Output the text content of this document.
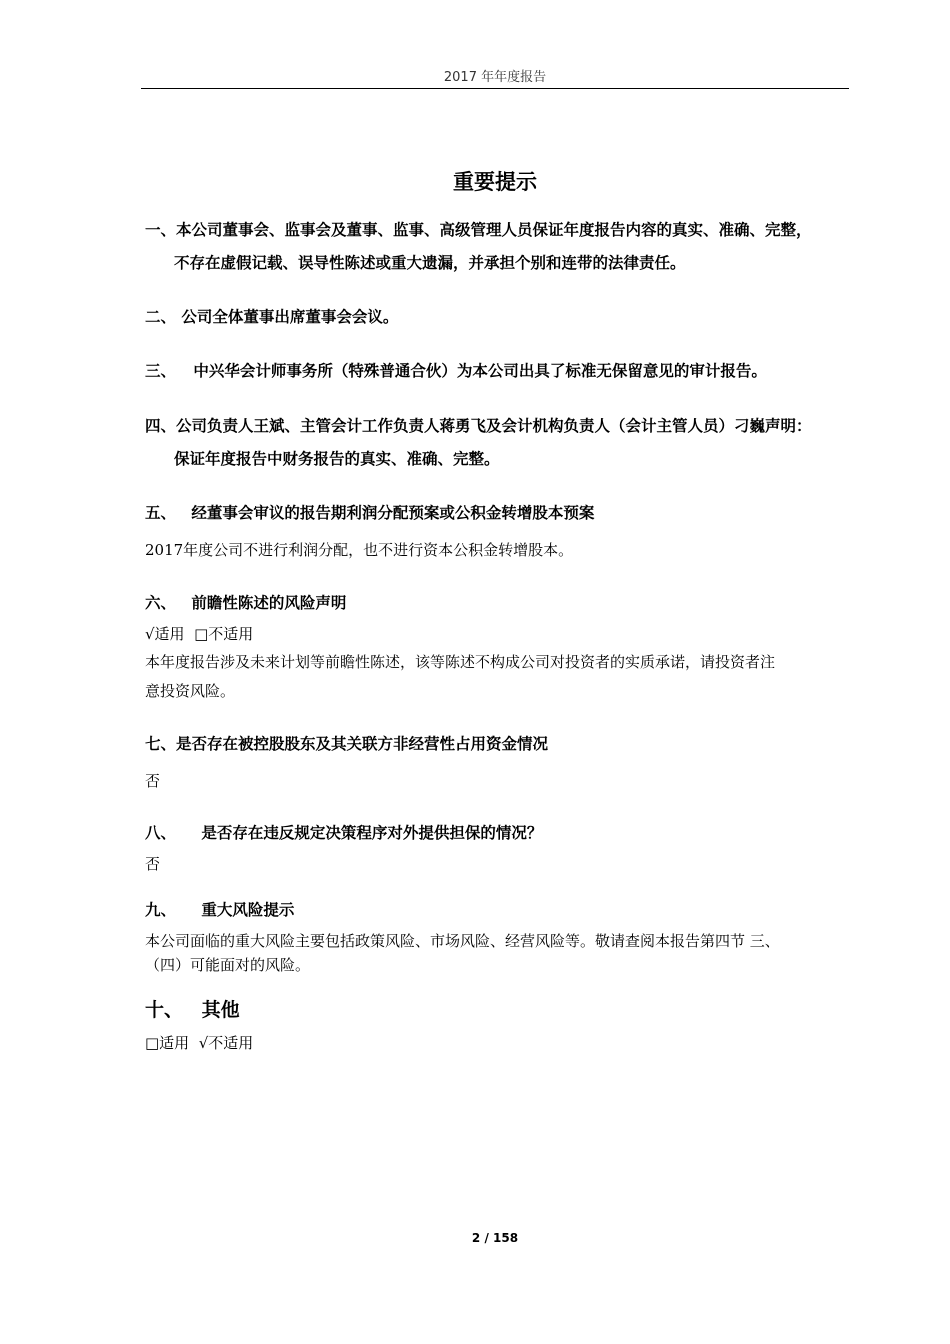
2017 年年度报告
重要提示
一、本公司董事会、监事会及董事、监事、高级管理人员保证年度报告内容的真实、准确、完整，
不存在虚假记载、误导性陈述或重大遗漏，并承担个别和连带的法律责任。
二、 公司全体董事出席董事会会议。
三、 中兴华会计师事务所（特殊普通合伙）为本公司出具了标准无保留意见的审计报告。
四、公司负责人王斌、主管会计工作负责人蒋勇飞及会计机构负责人（会计主管人员）刁巍声明：
保证年度报告中财务报告的真实、准确、完整。
五、 经董事会审议的报告期利润分配预案或公积金转增股本预案
2017年度公司不进行利润分配，也不进行资本公积金转增股本。
六、 前瞻性陈述的风险声明
√适用  □不适用
本年度报告涉及未来计划等前瞻性陈述，该等陈述不构成公司对投资者的实质承诺，请投资者注
意投资风险。
七、是否存在被控股股东及其关联方非经营性占用资金情况
否
八、 是否存在违反规定决策程序对外提供担保的情况？
否
九、 重大风险提示
本公司面临的重大风险主要包括政策风险、市场风险、经营风险等。敬请查阅本报告第四节 三、
（四）可能面对的风险。
十、 其他
□适用  √不适用
2 / 158
